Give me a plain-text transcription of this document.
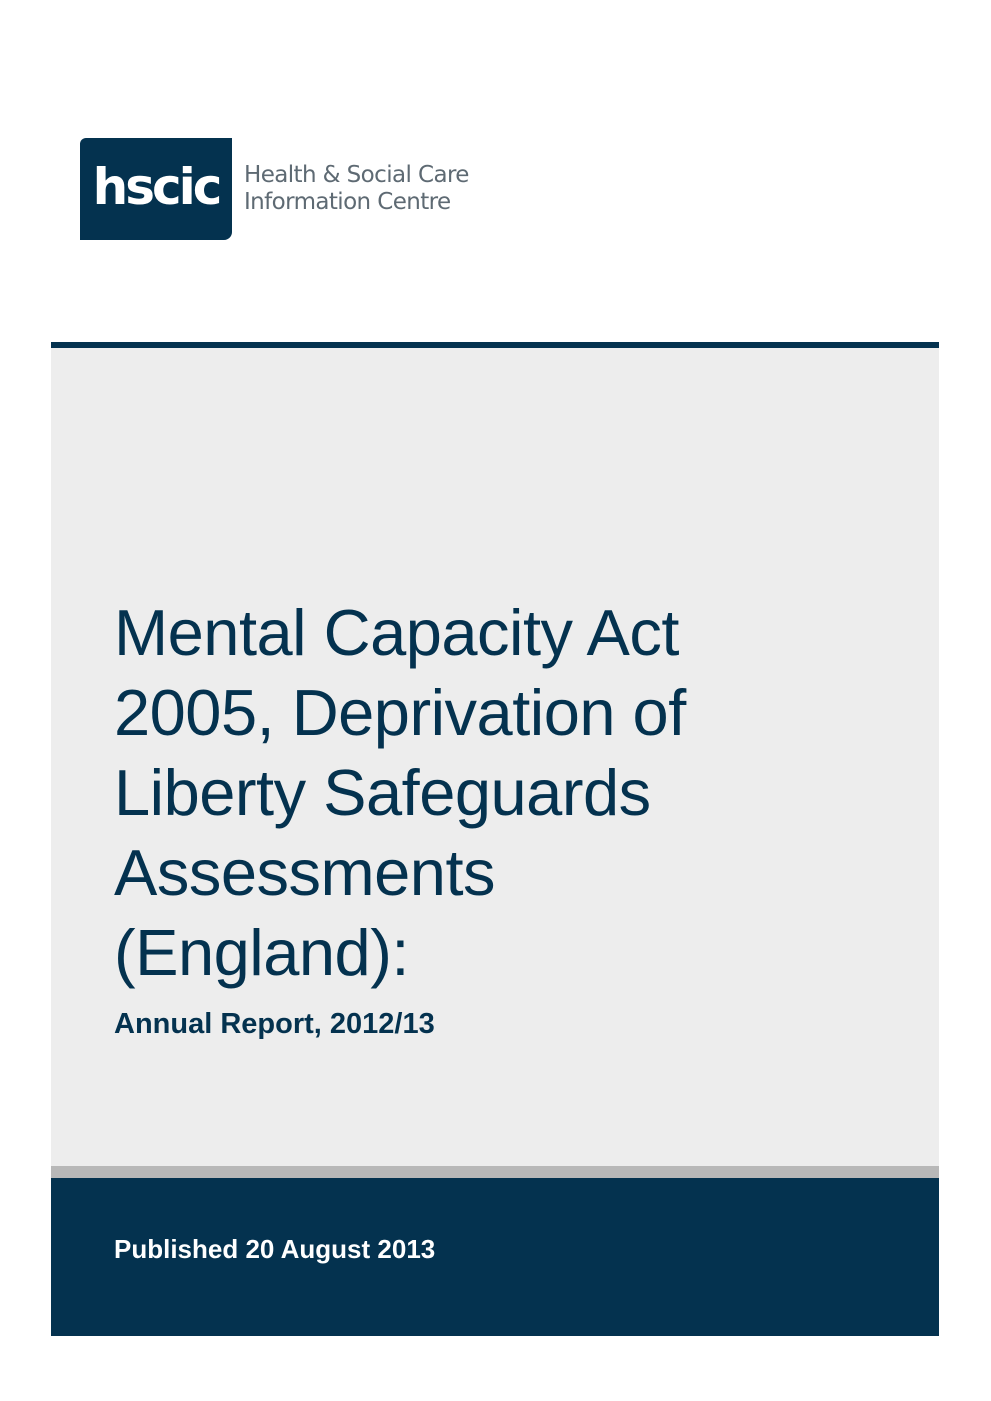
hscic Health & Social Care
Information Centre
Mental Capacity Act
2005, Deprivation of
Liberty Safeguards
Assessments
(England):
Annual Report, 2012/13
Published 20 August 2013
